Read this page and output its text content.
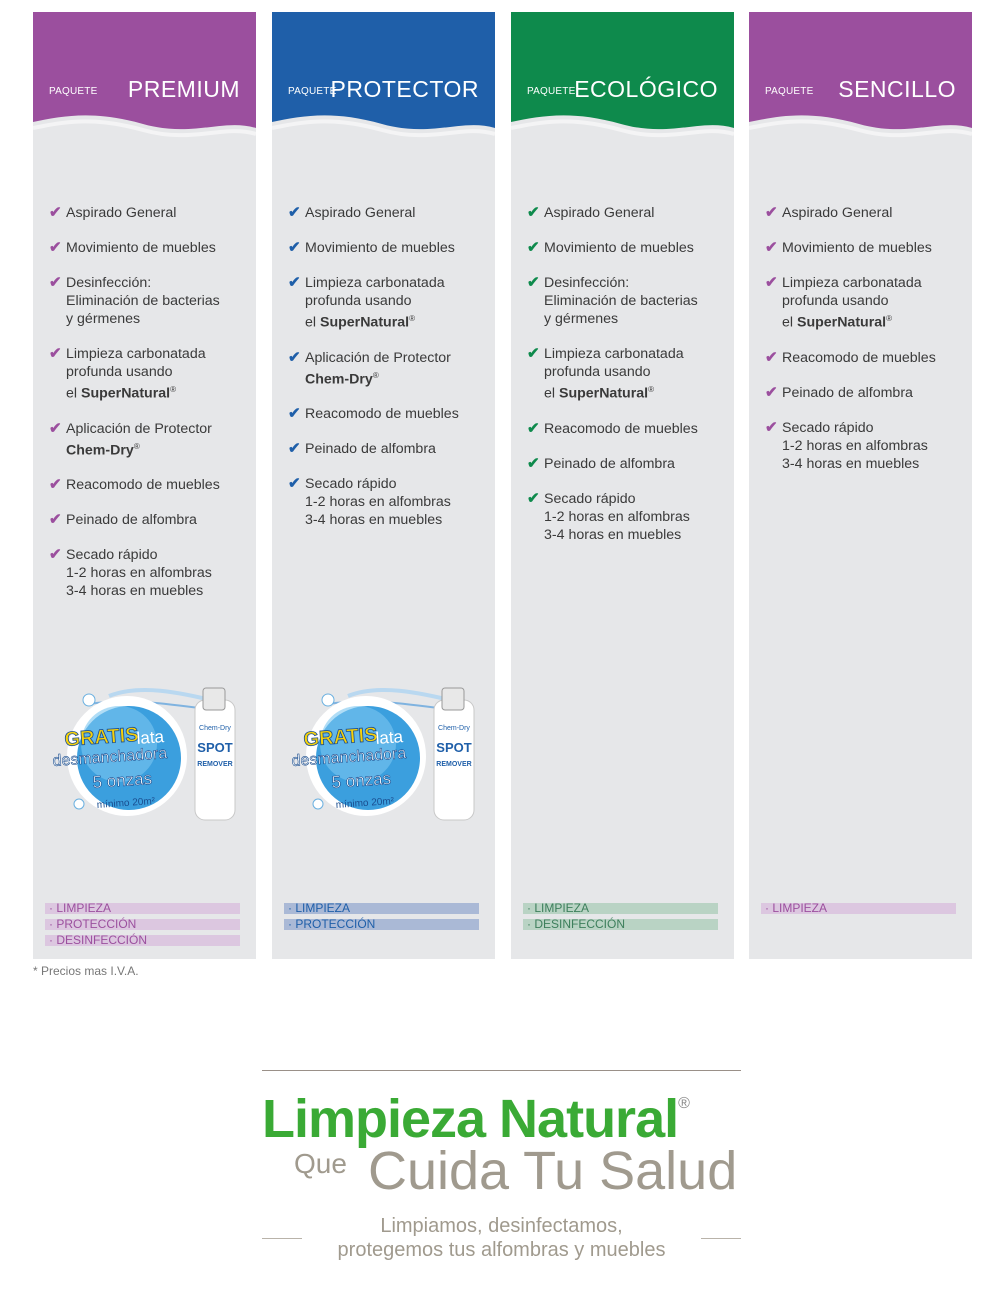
PAQUETE PREMIUM
✔ Aspirado General
✔ Movimiento de muebles
✔ Desinfección:
Eliminación de bacterias
y gérmenes
✔ Limpieza carbonatada
profunda usando
el SuperNatural®
✔ Aplicación de Protector
Chem-Dry®
✔ Reacomodo de muebles
✔ Peinado de alfombra
✔ Secado rápido
1-2 horas en alfombras
3-4 horas en muebles
Chem-Dry
SPOT
REMOVER
GRATIS
lata
desmanchadora
5 onzas
mínimo 20m²
· LIMPIEZA
· PROTECCIÓN
· DESINFECCIÓN
PAQUETE
PROTECTOR
✔ Aspirado General
✔ Movimiento de muebles
✔ Limpieza carbonatada
profunda usando
el SuperNatural®
✔ Aplicación de Protector
Chem-Dry®
✔ Reacomodo de muebles
✔ Peinado de alfombra
✔ Secado rápido
1-2 horas en alfombras
3-4 horas en muebles
Chem-Dry
SPOT
REMOVER
GRATIS
lata
desmanchadora
5 onzas
mínimo 20m²
· LIMPIEZA
· PROTECCIÓN
PAQUETE
ECOLÓGICO
✔ Aspirado General
✔ Movimiento de muebles
✔ Desinfección:
Eliminación de bacterias
y gérmenes
✔ Limpieza carbonatada
profunda usando
el SuperNatural®
✔ Reacomodo de muebles
✔ Peinado de alfombra
✔ Secado rápido
1-2 horas en alfombras
3-4 horas en muebles
· LIMPIEZA
· DESINFECCIÓN
PAQUETE SENCILLO
✔ Aspirado General
✔ Movimiento de muebles
✔ Limpieza carbonatada
profunda usando
el SuperNatural®
✔ Reacomodo de muebles
✔ Peinado de alfombra
✔ Secado rápido
1-2 horas en alfombras
3-4 horas en muebles
· LIMPIEZA
* Precios mas I.V.A.
Limpieza Natural®
Que Cuida Tu Salud
Limpiamos, desinfectamos,
protegemos tus alfombras y muebles
